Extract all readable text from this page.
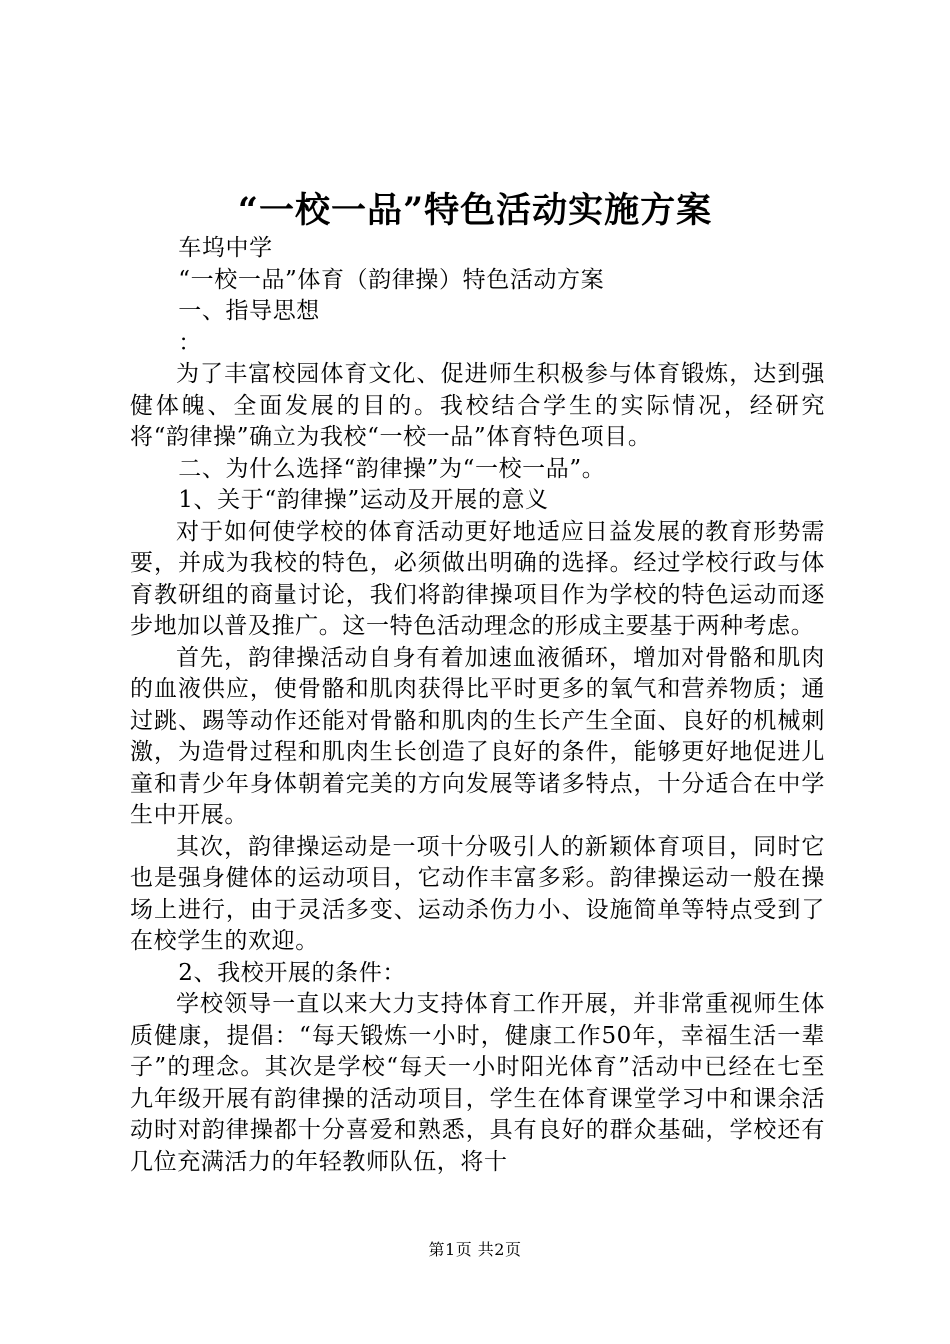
“一校一品”特色活动实施方案

车坞中学

“一校一品”体育（韵律操）特色活动方案

一、指导思想

：

为了丰富校园体育文化、促进师生积极参与体育锻炼，达到强健体魄、全面发展的目的。我校结合学生的实际情况，经研究将“韵律操”确立为我校“一校一品”体育特色项目。

二、为什么选择“韵律操”为“一校一品”。

1、关于“韵律操”运动及开展的意义

对于如何使学校的体育活动更好地适应日益发展的教育形势需要，并成为我校的特色，必须做出明确的选择。经过学校行政与体育教研组的商量讨论，我们将韵律操项目作为学校的特色运动而逐步地加以普及推广。这一特色活动理念的形成主要基于两种考虑。

首先，韵律操活动自身有着加速血液循环，增加对骨骼和肌肉的血液供应，使骨骼和肌肉获得比平时更多的氧气和营养物质；通过跳、踢等动作还能对骨骼和肌肉的生长产生全面、良好的机械刺激，为造骨过程和肌肉生长创造了良好的条件，能够更好地促进儿童和青少年身体朝着完美的方向发展等诸多特点，十分适合在中学生中开展。

其次，韵律操运动是一项十分吸引人的新颖体育项目，同时它也是强身健体的运动项目，它动作丰富多彩。韵律操运动一般在操场上进行，由于灵活多变、运动杀伤力小、设施简单等特点受到了在校学生的欢迎。

2、我校开展的条件：

学校领导一直以来大力支持体育工作开展，并非常重视师生体质健康，提倡：“每天锻炼一小时，健康工作50年，幸福生活一辈子”的理念。其次是学校“每天一小时阳光体育”活动中已经在七至九年级开展有韵律操的活动项目，学生在体育课堂学习中和课余活动时对韵律操都十分喜爱和熟悉，具有良好的群众基础，学校还有几位充满活力的年轻教师队伍，将十

第1页 共2页
